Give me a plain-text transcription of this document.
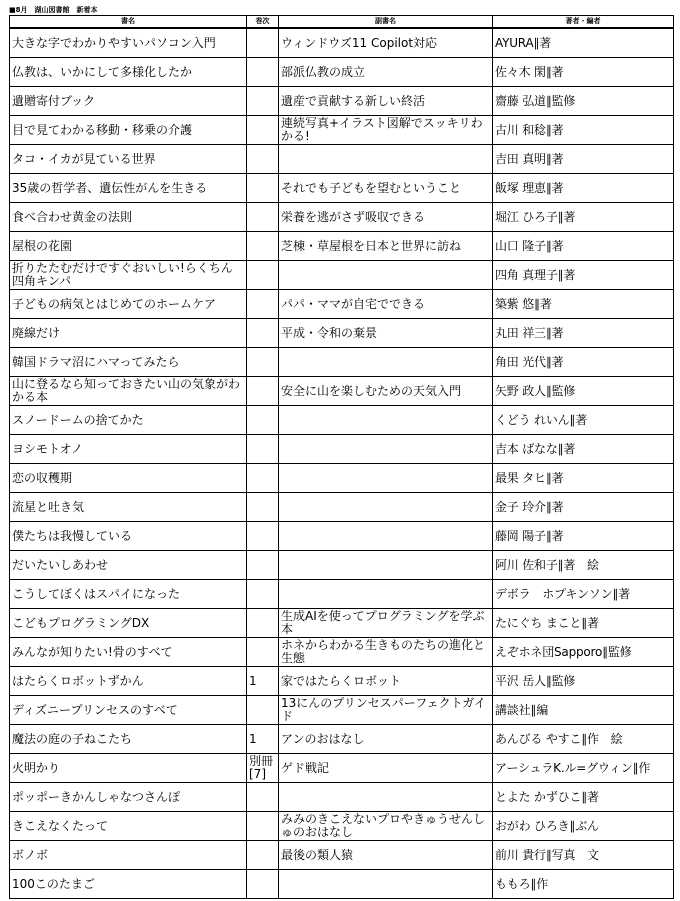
■8月　湖山図書館　新着本
書名	巻次	副書名	著者・編者
大きな字でわかりやすいパソコン入門		ウィンドウズ11 Copilot対応	AYURA∥著
仏教は、いかにして多様化したか		部派仏教の成立	佐々木 閑∥著
遺贈寄付ブック		遺産で貢献する新しい終活	齋藤 弘道∥監修
目で見てわかる移動・移乗の介護		連続写真+イラスト図解でスッキリわかる!	古川 和稔∥著
タコ・イカが見ている世界			吉田 真明∥著
35歳の哲学者、遺伝性がんを生きる		それでも子どもを望むということ	飯塚 理恵∥著
食べ合わせ黄金の法則		栄養を逃がさず吸収できる	堀江 ひろ子∥著
屋根の花園		芝棟・草屋根を日本と世界に訪ね	山口 隆子∥著
折りたたむだけですぐおいしい!らくちん四角キンパ			四角 真理子∥著
子どもの病気とはじめてのホームケア		パパ・ママが自宅でできる	築紫 悠∥著
廃線だけ		平成・令和の棄景	丸田 祥三∥著
韓国ドラマ沼にハマってみたら			角田 光代∥著
山に登るなら知っておきたい山の気象がわかる本		安全に山を楽しむための天気入門	矢野 政人∥監修
スノードームの捨てかた			くどう れいん∥著
ヨシモトオノ			吉本 ばなな∥著
恋の収穫期			最果 タヒ∥著
流星と吐き気			金子 玲介∥著
僕たちは我慢している			藤岡 陽子∥著
だいたいしあわせ			阿川 佐和子∥著　絵
こうしてぼくはスパイになった			デボラ　ホプキンソン∥著
こどもプログラミングDX		生成AIを使ってプログラミングを学ぶ本	たにぐち まこと∥著
みんなが知りたい!骨のすべて		ホネからわかる生きものたちの進化と生態	えぞホネ団Sapporo∥監修
はたらくロボットずかん	1	家ではたらくロボット	平沢 岳人∥監修
ディズニープリンセスのすべて		13にんのプリンセスパーフェクトガイド	講談社∥編
魔法の庭の子ねこたち	1	アンのおはなし	あんびる やすこ∥作　絵
火明かり	別冊[7]	ゲド戦記	アーシュラK.ル=グウィン∥作
ポッポーきかんしゃなつさんぽ			とよた かずひこ∥著
きこえなくたって		みみのきこえないプロやきゅうせんしゅのおはなし	おがわ ひろき∥ぶん
ボノボ		最後の類人猿	前川 貴行∥写真　文
100このたまご			ももろ∥作
